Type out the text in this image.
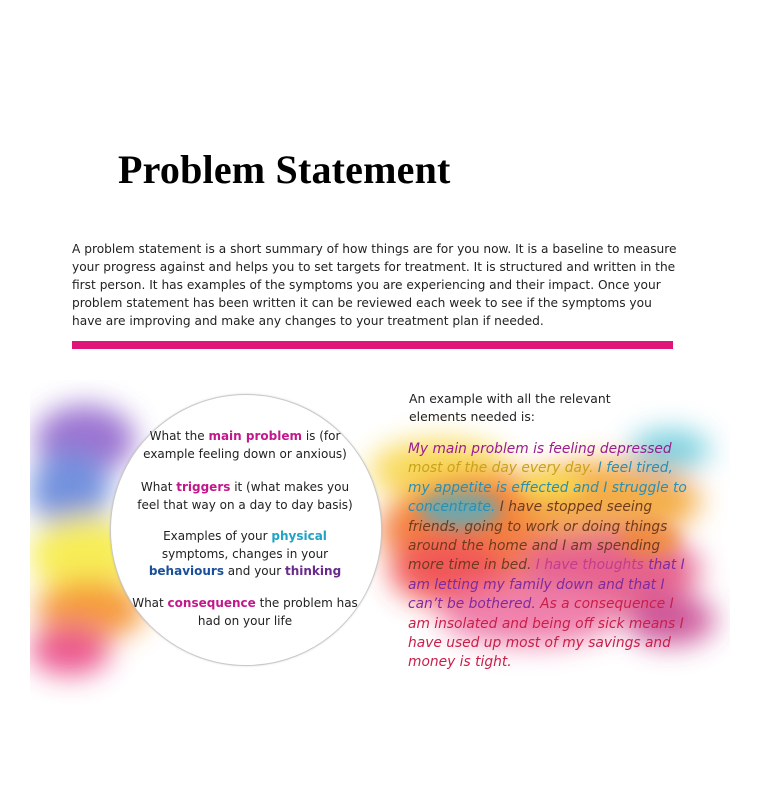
Problem Statement
A problem statement is a short summary of how things are for you now. It is a baseline to measure your progress against and helps you to set targets for treatment. It is structured and written in the first person. It has examples of the symptoms you are experiencing and their impact. Once your problem statement has been written it can be reviewed each week to see if the symptoms you have are improving and make any changes to your treatment plan if needed.
What the main problem is (for example feeling down or anxious)
What triggers it (what makes you feel that way on a day to day basis)
Examples of your physical symptoms, changes in your behaviours and your thinking
What consequence the problem has had on your life
An example with all the relevant elements needed is:
My main problem is feeling depressed most of the day every day. I feel tired, my appetite is effected and I struggle to concentrate. I have stopped seeing friends, going to work or doing things around the home and I am spending more time in bed. I have thoughts that I am letting my family down and that I can’t be bothered. As a consequence I am insolated and being off sick means I have used up most of my savings and money is tight.
